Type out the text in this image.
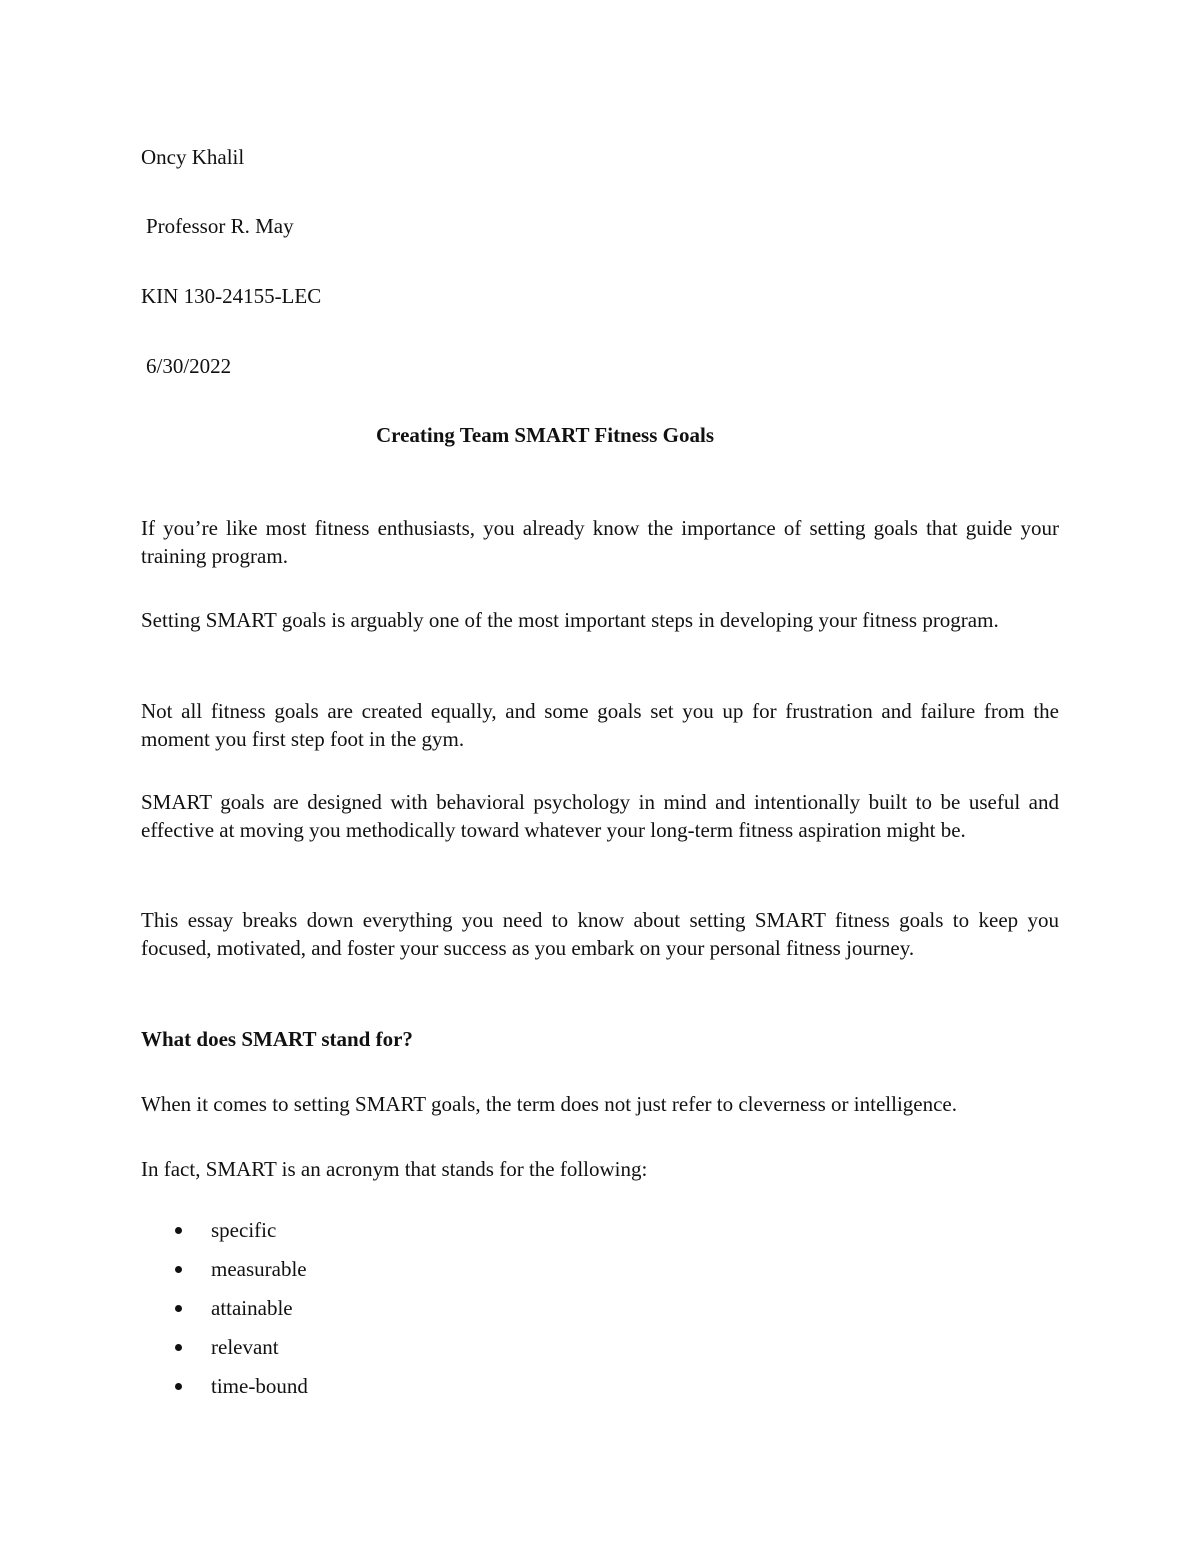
Oncy Khalil
Professor R. May
KIN 130-24155-LEC
6/30/2022
Creating Team SMART Fitness Goals
If you’re like most fitness enthusiasts, you already know the importance of setting goals that guide your training program.
Setting SMART goals is arguably one of the most important steps in developing your fitness program.
Not all fitness goals are created equally, and some goals set you up for frustration and failure from the moment you first step foot in the gym.
SMART goals are designed with behavioral psychology in mind and intentionally built to be useful and effective at moving you methodically toward whatever your long-term fitness aspiration might be.
This essay breaks down everything you need to know about setting SMART fitness goals to keep you focused, motivated, and foster your success as you embark on your personal fitness journey.
What does SMART stand for?
When it comes to setting SMART goals, the term does not just refer to cleverness or intelligence.
In fact, SMART is an acronym that stands for the following:
specific
measurable
attainable
relevant
time-bound
